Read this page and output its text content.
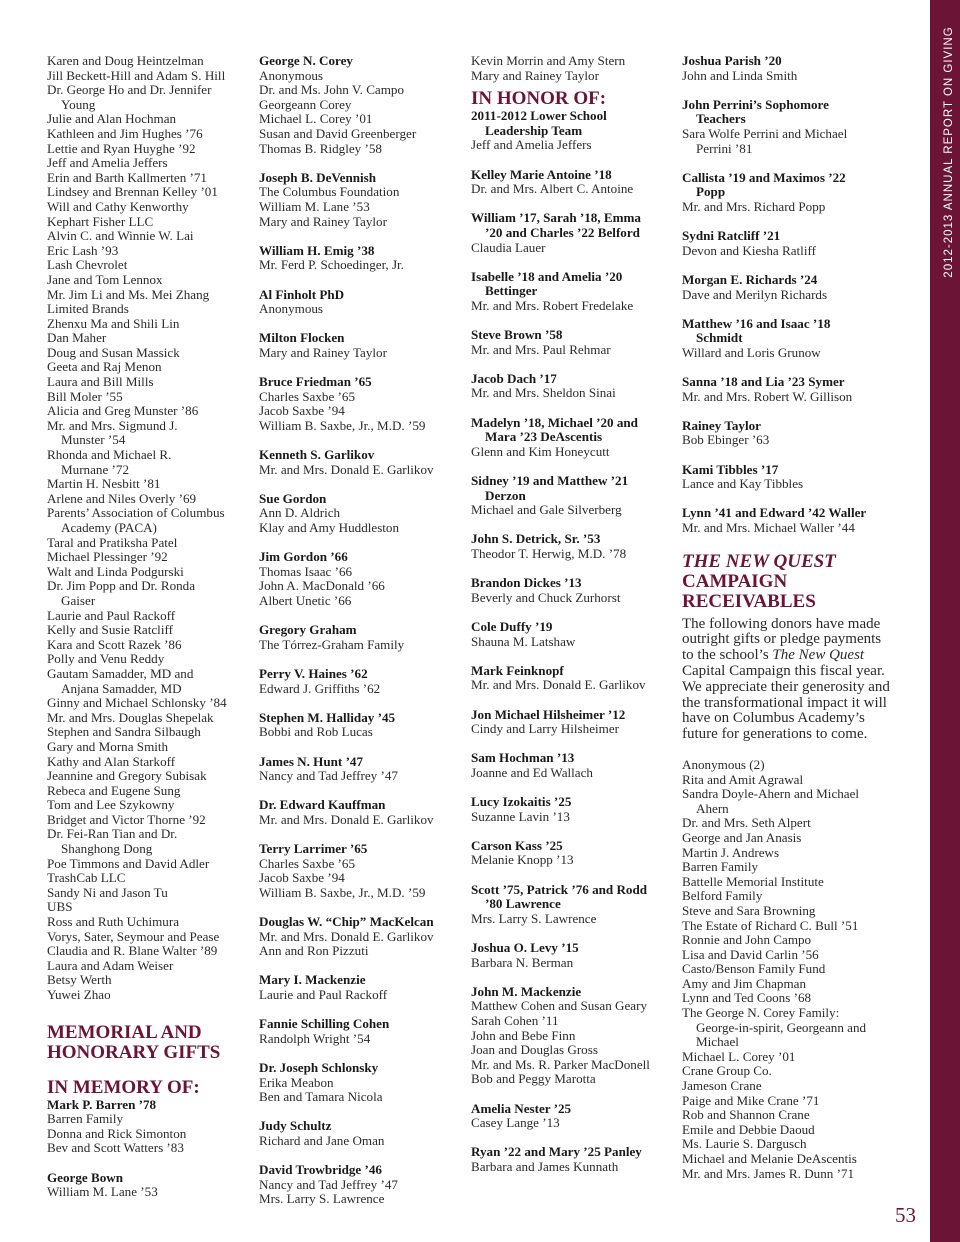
2012-2013 ANNUAL REPORT ON GIVING
53
Karen and Doug Heintzelman
Jill Beckett-Hill and Adam S. Hill
Dr. George Ho and Dr. Jennifer
Young
Julie and Alan Hochman
Kathleen and Jim Hughes ’76
Lettie and Ryan Huyghe ’92
Jeff and Amelia Jeffers
Erin and Barth Kallmerten ’71
Lindsey and Brennan Kelley ’01
Will and Cathy Kenworthy
Kephart Fisher LLC
Alvin C. and Winnie W. Lai
Eric Lash ’93
Lash Chevrolet
Jane and Tom Lennox
Mr. Jim Li and Ms. Mei Zhang
Limited Brands
Zhenxu Ma and Shili Lin
Dan Maher
Doug and Susan Massick
Geeta and Raj Menon
Laura and Bill Mills
Bill Moler ’55
Alicia and Greg Munster ’86
Mr. and Mrs. Sigmund J.
Munster ’54
Rhonda and Michael R.
Murnane ’72
Martin H. Nesbitt ’81
Arlene and Niles Overly ’69
Parents’ Association of Columbus
Academy (PACA)
Taral and Pratiksha Patel
Michael Plessinger ’92
Walt and Linda Podgurski
Dr. Jim Popp and Dr. Ronda
Gaiser
Laurie and Paul Rackoff
Kelly and Susie Ratcliff
Kara and Scott Razek ’86
Polly and Venu Reddy
Gautam Samadder, MD and
Anjana Samadder, MD
Ginny and Michael Schlonsky ’84
Mr. and Mrs. Douglas Shepelak
Stephen and Sandra Silbaugh
Gary and Morna Smith
Kathy and Alan Starkoff
Jeannine and Gregory Subisak
Rebeca and Eugene Sung
Tom and Lee Szykowny
Bridget and Victor Thorne ’92
Dr. Fei-Ran Tian and Dr.
Shanghong Dong
Poe Timmons and David Adler
TrashCab LLC
Sandy Ni and Jason Tu
UBS
Ross and Ruth Uchimura
Vorys, Sater, Seymour and Pease
Claudia and R. Blane Walter ’89
Laura and Adam Weiser
Betsy Werth
Yuwei Zhao
MEMORIAL AND
HONORARY GIFTS
IN MEMORY OF:
Mark P. Barren ’78
Barren Family
Donna and Rick Simonton
Bev and Scott Watters ’83
George Bown
William M. Lane ’53
George N. Corey
Anonymous
Dr. and Ms. John V. Campo
Georgeann Corey
Michael L. Corey ’01
Susan and David Greenberger
Thomas B. Ridgley ’58
Joseph B. DeVennish
The Columbus Foundation
William M. Lane ’53
Mary and Rainey Taylor
William H. Emig ’38
Mr. Ferd P. Schoedinger, Jr.
Al Finholt PhD
Anonymous
Milton Flocken
Mary and Rainey Taylor
Bruce Friedman ’65
Charles Saxbe ’65
Jacob Saxbe ’94
William B. Saxbe, Jr., M.D. ’59
Kenneth S. Garlikov
Mr. and Mrs. Donald E. Garlikov
Sue Gordon
Ann D. Aldrich
Klay and Amy Huddleston
Jim Gordon ’66
Thomas Isaac ’66
John A. MacDonald ’66
Albert Unetic ’66
Gregory Graham
The Tórrez-Graham Family
Perry V. Haines ’62
Edward J. Griffiths ’62
Stephen M. Halliday ’45
Bobbi and Rob Lucas
James N. Hunt ’47
Nancy and Tad Jeffrey ’47
Dr. Edward Kauffman
Mr. and Mrs. Donald E. Garlikov
Terry Larrimer ’65
Charles Saxbe ’65
Jacob Saxbe ’94
William B. Saxbe, Jr., M.D. ’59
Douglas W. “Chip” MacKelcan
Mr. and Mrs. Donald E. Garlikov
Ann and Ron Pizzuti
Mary I. Mackenzie
Laurie and Paul Rackoff
Fannie Schilling Cohen
Randolph Wright ’54
Dr. Joseph Schlonsky
Erika Meabon
Ben and Tamara Nicola
Judy Schultz
Richard and Jane Oman
David Trowbridge ’46
Nancy and Tad Jeffrey ’47
Mrs. Larry S. Lawrence
Kevin Morrin and Amy Stern
Mary and Rainey Taylor
IN HONOR OF:
2011-2012 Lower School
Leadership Team
Jeff and Amelia Jeffers
Kelley Marie Antoine ’18
Dr. and Mrs. Albert C. Antoine
William ’17, Sarah ’18, Emma
’20 and Charles ’22 Belford
Claudia Lauer
Isabelle ’18 and Amelia ’20
Bettinger
Mr. and Mrs. Robert Fredelake
Steve Brown ’58
Mr. and Mrs. Paul Rehmar
Jacob Dach ’17
Mr. and Mrs. Sheldon Sinai
Madelyn ’18, Michael ’20 and
Mara ’23 DeAscentis
Glenn and Kim Honeycutt
Sidney ’19 and Matthew ’21
Derzon
Michael and Gale Silverberg
John S. Detrick, Sr. ’53
Theodor T. Herwig, M.D. ’78
Brandon Dickes ’13
Beverly and Chuck Zurhorst
Cole Duffy ’19
Shauna M. Latshaw
Mark Feinknopf
Mr. and Mrs. Donald E. Garlikov
Jon Michael Hilsheimer ’12
Cindy and Larry Hilsheimer
Sam Hochman ’13
Joanne and Ed Wallach
Lucy Izokaitis ’25
Suzanne Lavin ’13
Carson Kass ’25
Melanie Knopp ’13
Scott ’75, Patrick ’76 and Rodd
’80 Lawrence
Mrs. Larry S. Lawrence
Joshua O. Levy ’15
Barbara N. Berman
John M. Mackenzie
Matthew Cohen and Susan Geary
Sarah Cohen ’11
John and Bebe Finn
Joan and Douglas Gross
Mr. and Ms. R. Parker MacDonell
Bob and Peggy Marotta
Amelia Nester ’25
Casey Lange ’13
Ryan ’22 and Mary ’25 Panley
Barbara and James Kunnath
Joshua Parish ’20
John and Linda Smith
John Perrini’s Sophomore
Teachers
Sara Wolfe Perrini and Michael
Perrini ’81
Callista ’19 and Maximos ’22
Popp
Mr. and Mrs. Richard Popp
Sydni Ratcliff ’21
Devon and Kiesha Ratliff
Morgan E. Richards ’24
Dave and Merilyn Richards
Matthew ’16 and Isaac ’18
Schmidt
Willard and Loris Grunow
Sanna ’18 and Lia ’23 Symer
Mr. and Mrs. Robert W. Gillison
Rainey Taylor
Bob Ebinger ’63
Kami Tibbles ’17
Lance and Kay Tibbles
Lynn ’41 and Edward ’42 Waller
Mr. and Mrs. Michael Waller ’44
THE NEW QUEST
CAMPAIGN
RECEIVABLES
The following donors have made outright gifts or pledge payments to the school’s The New Quest Capital Campaign this fiscal year. We appreciate their generosity and the transformational impact it will have on Columbus Academy’s future for generations to come.
Anonymous (2)
Rita and Amit Agrawal
Sandra Doyle-Ahern and Michael
Ahern
Dr. and Mrs. Seth Alpert
George and Jan Anasis
Martin J. Andrews
Barren Family
Battelle Memorial Institute
Belford Family
Steve and Sara Browning
The Estate of Richard C. Bull ’51
Ronnie and John Campo
Lisa and David Carlin ’56
Casto/Benson Family Fund
Amy and Jim Chapman
Lynn and Ted Coons ’68
The George N. Corey Family:
George-in-spirit, Georgeann and
Michael
Michael L. Corey ’01
Crane Group Co.
Jameson Crane
Paige and Mike Crane ’71
Rob and Shannon Crane
Emile and Debbie Daoud
Ms. Laurie S. Dargusch
Michael and Melanie DeAscentis
Mr. and Mrs. James R. Dunn ’71
